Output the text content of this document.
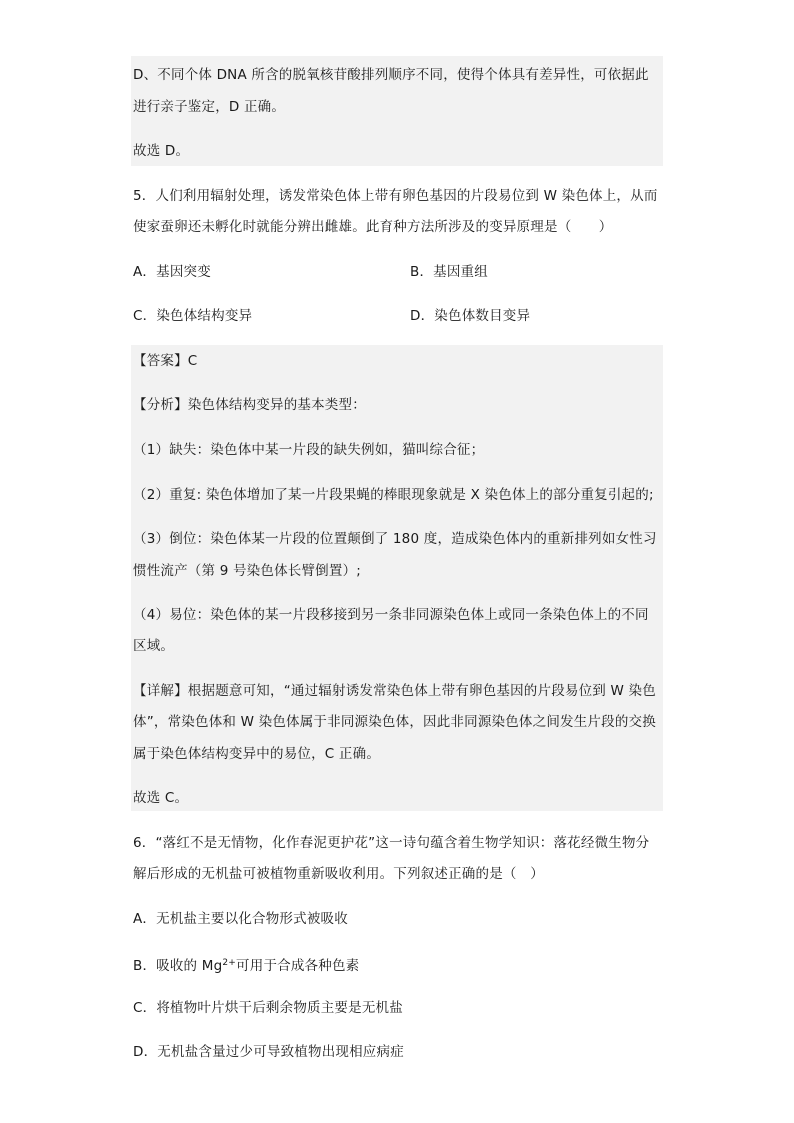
D、不同个体 DNA 所含的脱氧核苷酸排列顺序不同，使得个体具有差异性，可依据此
进行亲子鉴定，D 正确。
故选 D。
5．人们利用辐射处理，诱发常染色体上带有卵色基因的片段易位到 W 染色体上，从而
使家蚕卵还未孵化时就能分辨出雌雄。此育种方法所涉及的变异原理是（　　）
A．基因突变	B．基因重组
C．染色体结构变异	D．染色体数目变异
【答案】C
【分析】染色体结构变异的基本类型：
（1）缺失：染色体中某一片段的缺失例如，猫叫综合征；
（2）重复: 染色体增加了某一片段果蝇的棒眼现象就是 X 染色体上的部分重复引起的;
（3）倒位：染色体某一片段的位置颠倒了 180 度，造成染色体内的重新排列如女性习
惯性流产（第 9 号染色体长臂倒置）;
（4）易位：染色体的某一片段移接到另一条非同源染色体上或同一条染色体上的不同
区域。
【详解】根据题意可知，“通过辐射诱发常染色体上带有卵色基因的片段易位到 W 染色
体”，常染色体和 W 染色体属于非同源染色体，因此非同源染色体之间发生片段的交换
属于染色体结构变异中的易位，C 正确。
故选 C。
6．“落红不是无情物，化作春泥更护花”这一诗句蕴含着生物学知识：落花经微生物分
解后形成的无机盐可被植物重新吸收利用。下列叙述正确的是（　）
A．无机盐主要以化合物形式被吸收
B．吸收的 $Mg^{2+}$可用于合成各种色素
C．将植物叶片烘干后剩余物质主要是无机盐
D．无机盐含量过少可导致植物出现相应病症
